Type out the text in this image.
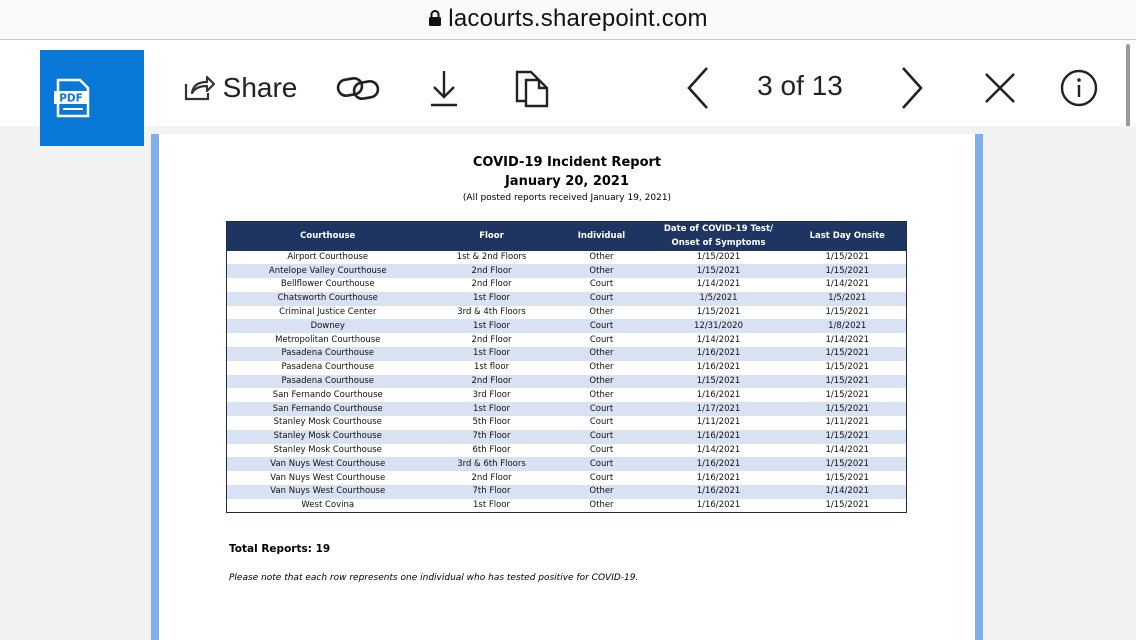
lacourts.sharepoint.com
PDF	Share	3 of 13
COVID-19 Incident Report
January 20, 2021
(All posted reports received January 19, 2021)
Courthouse	Floor	Individual	Date of COVID-19 Test/ Onset of Symptoms	Last Day Onsite
Airport Courthouse	1st & 2nd Floors	Other	1/15/2021	1/15/2021
Antelope Valley Courthouse	2nd Floor	Other	1/15/2021	1/15/2021
Bellflower Courthouse	2nd Floor	Court	1/14/2021	1/14/2021
Chatsworth Courthouse	1st Floor	Court	1/5/2021	1/5/2021
Criminal Justice Center	3rd & 4th Floors	Other	1/15/2021	1/15/2021
Downey	1st Floor	Court	12/31/2020	1/8/2021
Metropolitan Courthouse	2nd Floor	Court	1/14/2021	1/14/2021
Pasadena Courthouse	1st Floor	Other	1/16/2021	1/15/2021
Pasadena Courthouse	1st floor	Other	1/16/2021	1/15/2021
Pasadena Courthouse	2nd Floor	Other	1/15/2021	1/15/2021
San Fernando Courthouse	3rd Floor	Other	1/16/2021	1/15/2021
San Fernando Courthouse	1st Floor	Court	1/17/2021	1/15/2021
Stanley Mosk Courthouse	5th Floor	Court	1/11/2021	1/11/2021
Stanley Mosk Courthouse	7th Floor	Court	1/16/2021	1/15/2021
Stanley Mosk Courthouse	6th Floor	Court	1/14/2021	1/14/2021
Van Nuys West Courthouse	3rd & 6th Floors	Court	1/16/2021	1/15/2021
Van Nuys West Courthouse	2nd Floor	Court	1/16/2021	1/15/2021
Van Nuys West Courthouse	7th Floor	Other	1/16/2021	1/14/2021
West Covina	1st Floor	Other	1/16/2021	1/15/2021
Total Reports: 19
Please note that each row represents one individual who has tested positive for COVID-19.
